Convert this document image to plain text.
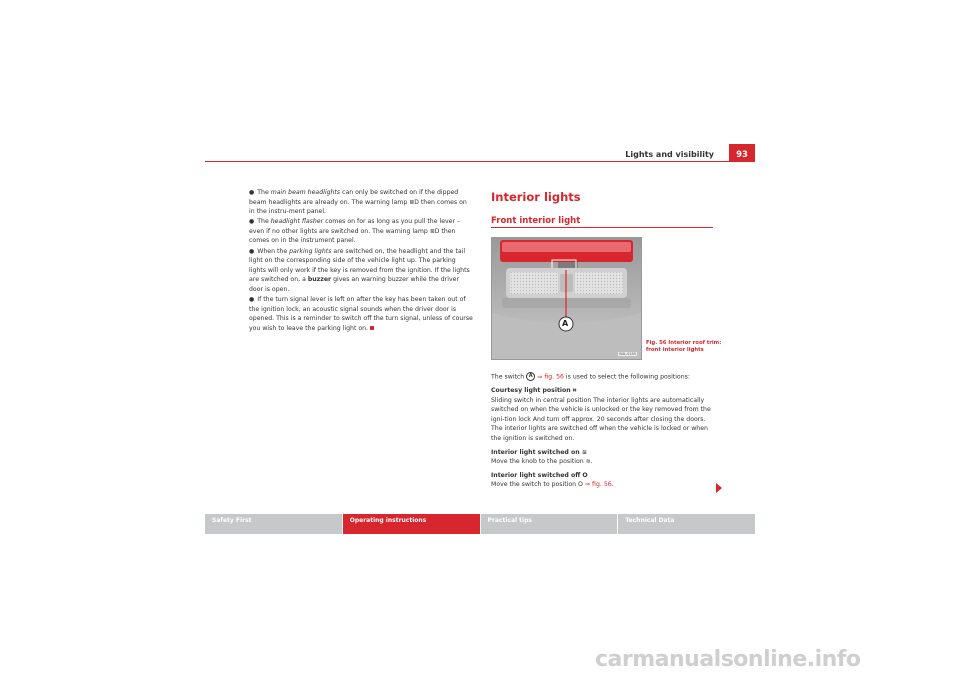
Lights and visibility	93

● The main beam headlights can only be switched on if the dipped beam headlights are already on. The warning lamp ≣D then comes on in the instru-ment panel.

● The headlight flasher comes on for as long as you pull the lever – even if no other lights are switched on. The warning lamp ≣D then comes on in the instrument panel.

● When the parking lights are switched on, the headlight and the tail light on the corresponding side of the vehicle light up. The parking lights will only work if the key is removed from the ignition. If the lights are switched on, a buzzer gives an warning buzzer while the driver door is open.

● If the turn signal lever is left on after the key has been taken out of the ignition lock, an acoustic signal sounds when the driver door is opened. This is a reminder to switch off the turn signal, unless of course you wish to leave the parking light on.

Interior lights
Front interior light
A
B4L-0155
Fig. 56 Interior roof trim: front interior lights

The switch A ⇒ fig. 56 is used to select the following positions:

Courtesy light position ⌗

Sliding switch in central position The interior lights are automatically switched on when the vehicle is unlocked or the key removed from the igni-tion lock And turn off approx. 20 seconds after closing the doors. The interior lights are switched off when the vehicle is locked or when the ignition is switched on.

Interior light switched on ≋

Move the knob to the position ≋.

Interior light switched off O

Move the switch to position O ⇒ fig. 56.

Safety First	Operating instructions	Practical tips	Technical Data
carmanualsonline.info
